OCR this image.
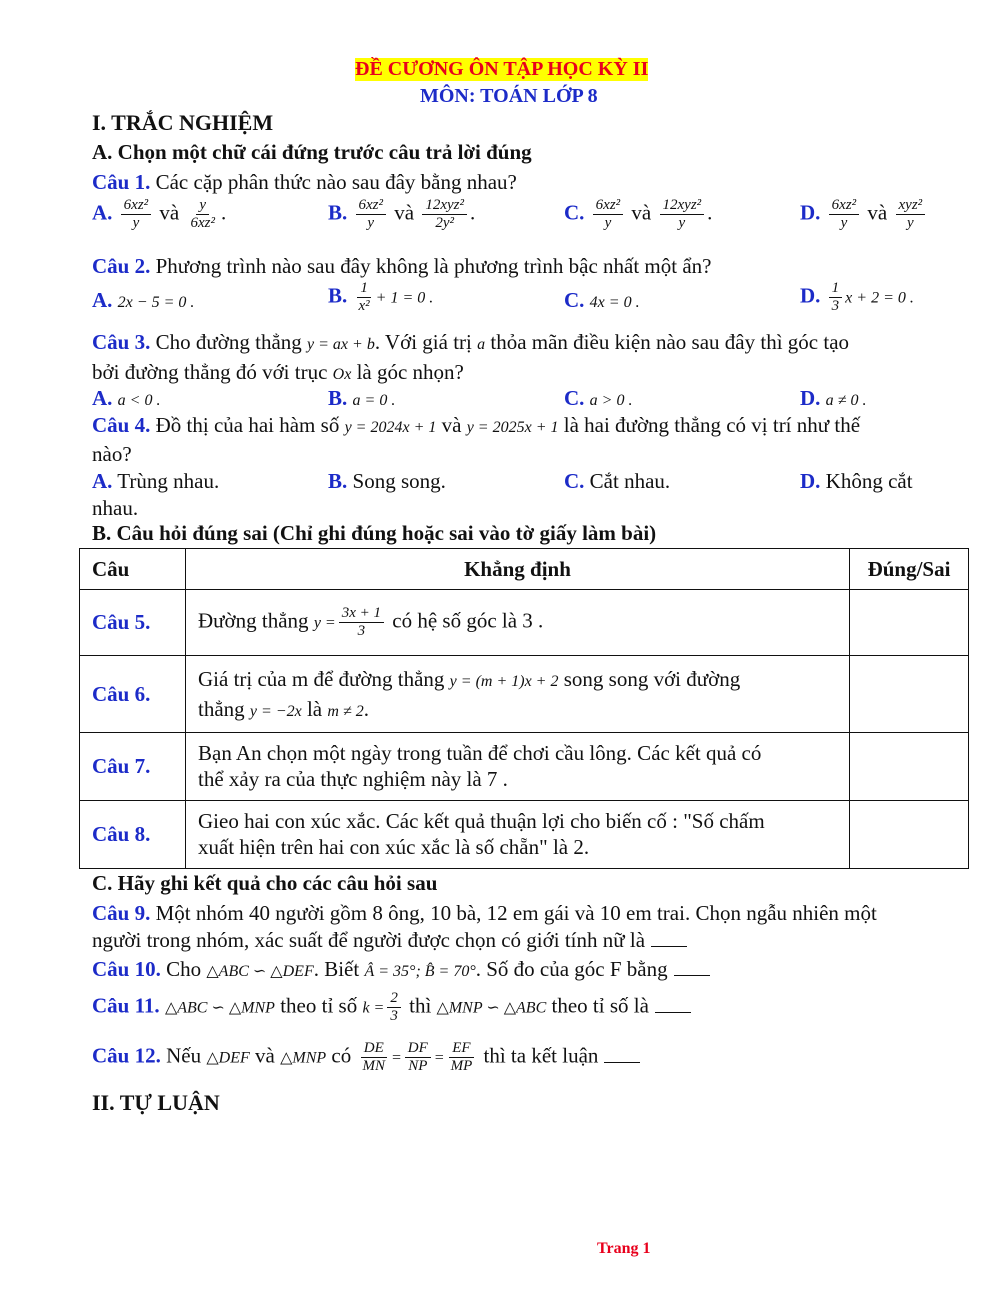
ĐỀ CƯƠNG ÔN TẬP HỌC KỲ II
MÔN: TOÁN LỚP 8
I. TRẮC NGHIỆM
A. Chọn một chữ cái đứng trước câu trả lời đúng
Câu 1. Các cặp phân thức nào sau đây bằng nhau?
A. $\frac{\text{6xz²}}{y}$ và $\frac{y}{\text{6xz²}}$ .	B. $\frac{\text{6xz²}}{y}$ và $\frac{\text{12xyz²}}{\text{2y²}}$ .	C. $\frac{\text{6xz²}}{y}$ và $\frac{\text{12xyz²}}{y}$ .	D. $\frac{\text{6xz²}}{y}$ và $\frac{\text{xyz²}}{y}$
Câu 2. Phương trình nào sau đây không là phương trình bậc nhất một ẩn?
A. 2x − 5 = 0 .	B. $\frac{1}{\text{x²}} + 1 = 0$ .	C. 4x = 0 .	D. $\frac{1}{3}$ x + 2 = 0 .
Câu 3. Cho đường thẳng y = ax + b. Với giá trị a thỏa mãn điều kiện nào sau đây thì góc tạo
bởi đường thẳng đó với trục Ox là góc nhọn?
A. a < 0 .	B. a = 0 .	C. a > 0 .	D. a ≠ 0 .
Câu 4. Đồ thị của hai hàm số y = 2024x + 1 và y = 2025x + 1 là hai đường thẳng có vị trí như thế
nào?
A. Trùng nhau.	B. Song song.	C. Cắt nhau.	D. Không cắt
nhau.
B. Câu hỏi đúng sai (Chỉ ghi đúng hoặc sai vào tờ giấy làm bài)
Câu	Khẳng định	Đúng/Sai
Câu 5.	Đường thẳng $y = \frac{3x + 1}{3}$ có hệ số góc là 3 .	
Câu 6.	Giá trị của m để đường thẳng y = (m + 1)x + 2 song song với đường
thẳng y = −2x là m ≠ 2.	
Câu 7.	Bạn An chọn một ngày trong tuần để chơi cầu lông. Các kết quả có
thể xảy ra của thực nghiệm này là 7 .	
Câu 8.	Gieo hai con xúc xắc. Các kết quả thuận lợi cho biến cố : "Số chấm
xuất hiện trên hai con xúc xắc là số chẵn" là 2.	
C. Hãy ghi kết quả cho các câu hỏi sau
Câu 9. Một nhóm 40 người gồm 8 ông, 10 bà, 12 em gái và 10 em trai. Chọn ngẫu nhiên một
người trong nhóm, xác suất để người được chọn có giới tính nữ là
Câu 10. Cho △ABC ∽ △DEF. Biết Â = 35°; B̂ = 70°. Số đo của góc F bằng
Câu 11. △ABC ∽ △MNP theo tỉ số $k = \frac{2}{3}$ thì △MNP ∽ △ABC theo tỉ số là
Câu 12. Nếu △DEF và △MNP có $\frac{DE}{MN} = \frac{DF}{NP} = \frac{EF}{MP}$ thì ta kết luận
II. TỰ LUẬN
Trang 1
